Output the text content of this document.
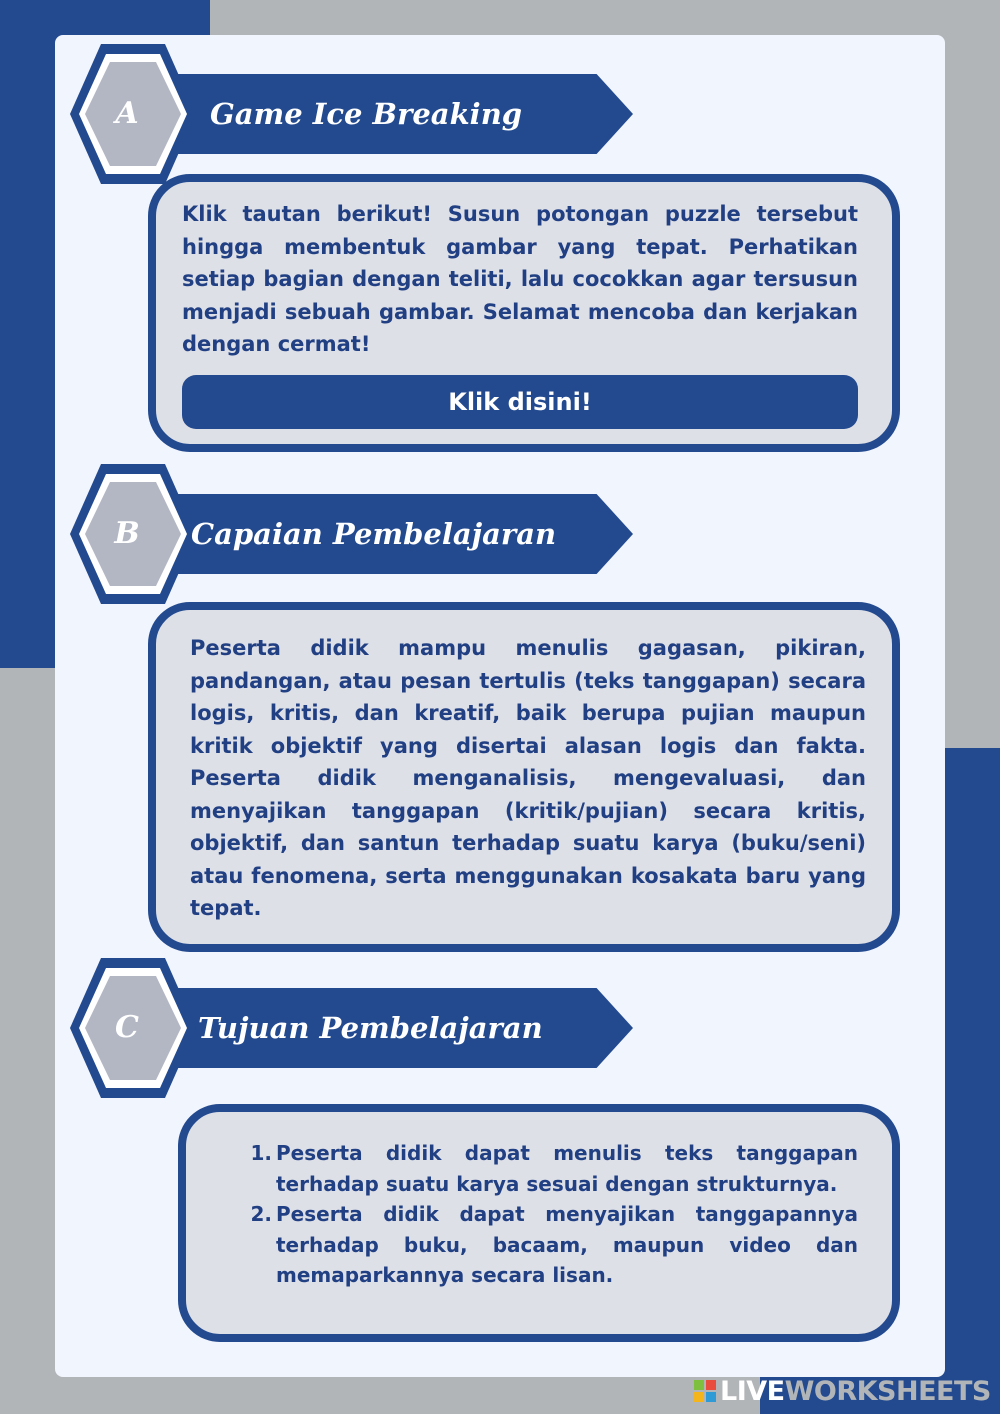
A	Game Ice Breaking

Klik tautan berikut! Susun potongan puzzle tersebut hingga membentuk gambar yang tepat. Perhatikan setiap bagian dengan teliti, lalu cocokkan agar tersusun menjadi sebuah gambar. Selamat mencoba dan kerjakan dengan cermat!

Klik disini!
B Capaian Pembelajaran

Peserta didik mampu menulis gagasan, pikiran, pandangan, atau pesan tertulis (teks tanggapan) secara logis, kritis, dan kreatif, baik berupa pujian maupun kritik objektif yang disertai alasan logis dan fakta. Peserta didik menganalisis, mengevaluasi, dan menyajikan tanggapan (kritik/pujian) secara kritis, objektif, dan santun terhadap suatu karya (buku/seni) atau fenomena, serta menggunakan kosakata baru yang tepat.

C	Tujuan Pembelajaran
1. Peserta didik dapat menulis teks tanggapan terhadap suatu karya sesuai dengan strukturnya.
2. Peserta didik dapat menyajikan tanggapannya terhadap buku, bacaam, maupun video dan memaparkannya secara lisan.
LIVE WORKSHEETS
